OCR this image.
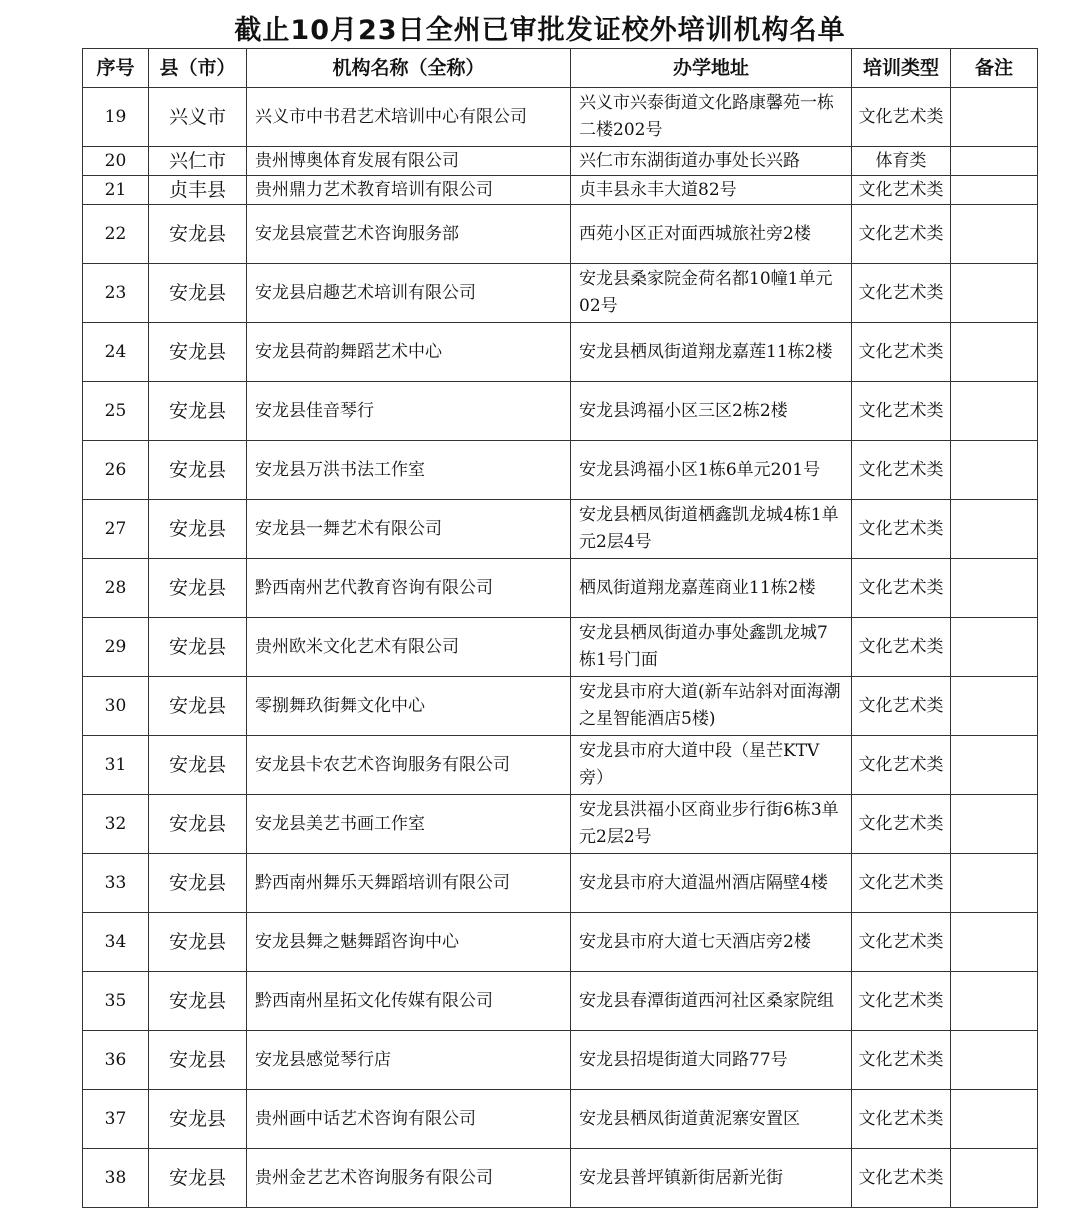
截止10月23日全州已审批发证校外培训机构名单
序号	县（市）	机构名称（全称）	办学地址	培训类型	备注
19	兴义市	兴义市中书君艺术培训中心有限公司	兴义市兴泰街道文化路康馨苑一栋二楼202号	文化艺术类	
20	兴仁市	贵州博奥体育发展有限公司	兴仁市东湖街道办事处长兴路	体育类	
21	贞丰县	贵州鼎力艺术教育培训有限公司	贞丰县永丰大道82号	文化艺术类	
22	安龙县	安龙县宸萱艺术咨询服务部	西苑小区正对面西城旅社旁2楼	文化艺术类	
23	安龙县	安龙县启趣艺术培训有限公司	安龙县桑家院金荷名都10幢1单元02号	文化艺术类	
24	安龙县	安龙县荷韵舞蹈艺术中心	安龙县栖凤街道翔龙嘉莲11栋2楼	文化艺术类	
25	安龙县	安龙县佳音琴行	安龙县鸿福小区三区2栋2楼	文化艺术类	
26	安龙县	安龙县万洪书法工作室	安龙县鸿福小区1栋6单元201号	文化艺术类	
27	安龙县	安龙县一舞艺术有限公司	安龙县栖凤街道栖鑫凯龙城4栋1单元2层4号	文化艺术类	
28	安龙县	黔西南州艺代教育咨询有限公司	栖凤街道翔龙嘉莲商业11栋2楼	文化艺术类	
29	安龙县	贵州欧米文化艺术有限公司	安龙县栖凤街道办事处鑫凯龙城7栋1号门面	文化艺术类	
30	安龙县	零捌舞玖街舞文化中心	安龙县市府大道(新车站斜对面海潮之星智能酒店5楼)	文化艺术类	
31	安龙县	安龙县卡农艺术咨询服务有限公司	安龙县市府大道中段（星芒KTV旁）	文化艺术类	
32	安龙县	安龙县美艺书画工作室	安龙县洪福小区商业步行街6栋3单元2层2号	文化艺术类	
33	安龙县	黔西南州舞乐天舞蹈培训有限公司	安龙县市府大道温州酒店隔壁4楼	文化艺术类	
34	安龙县	安龙县舞之魅舞蹈咨询中心	安龙县市府大道七天酒店旁2楼	文化艺术类	
35	安龙县	黔西南州星拓文化传媒有限公司	安龙县春潭街道西河社区桑家院组	文化艺术类	
36	安龙县	安龙县感觉琴行店	安龙县招堤街道大同路77号	文化艺术类	
37	安龙县	贵州画中话艺术咨询有限公司	安龙县栖凤街道黄泥寨安置区	文化艺术类	
38	安龙县	贵州金艺艺术咨询服务有限公司	安龙县普坪镇新街居新光街	文化艺术类	
